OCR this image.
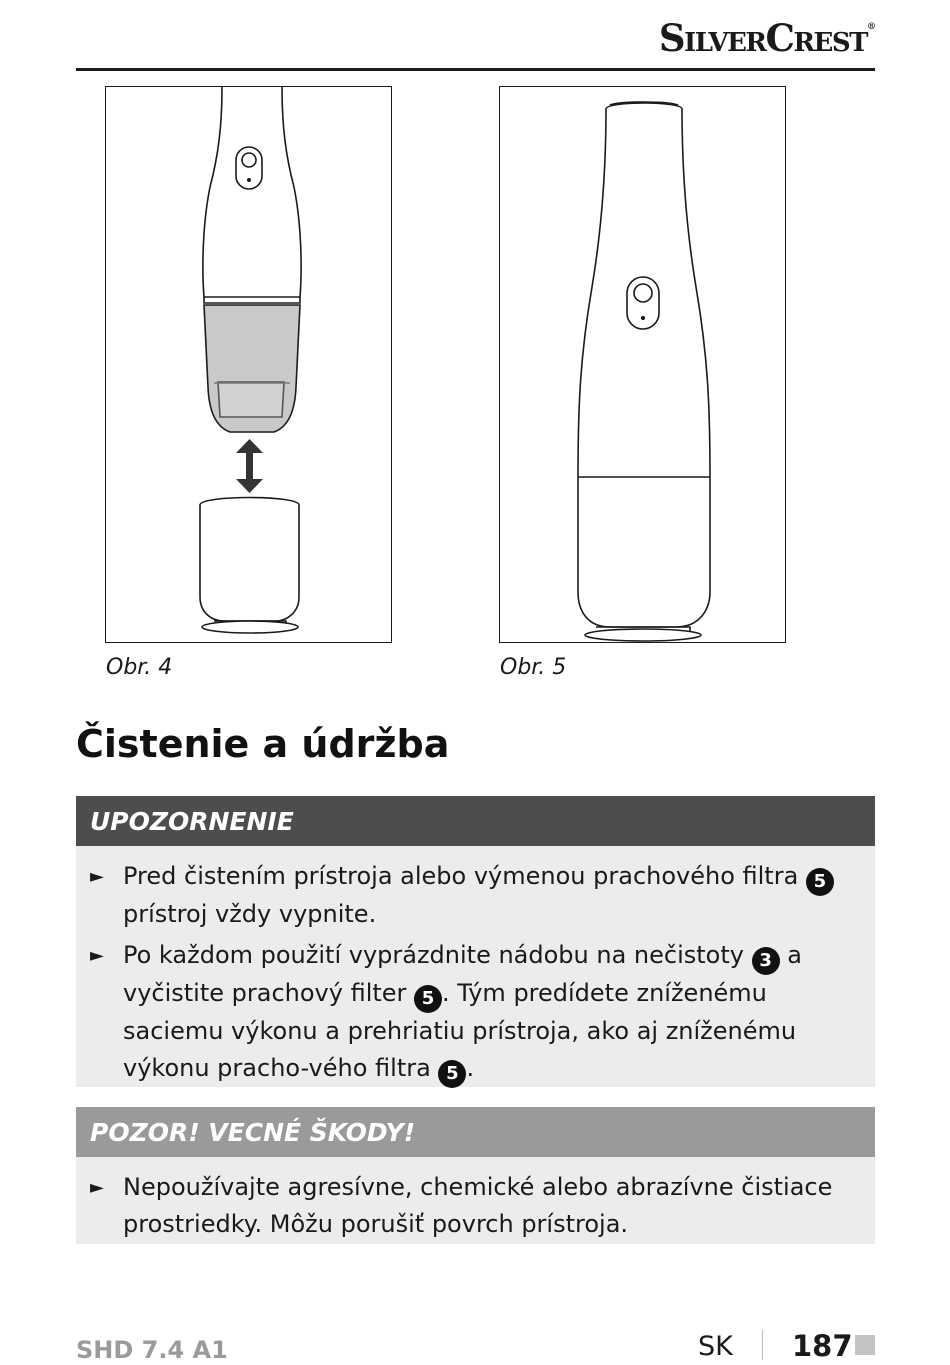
SilverCrest®
Obr. 4	Obr. 5
Čistenie a údržba
UPOZORNENIE
► Pred čistením prístroja alebo výmenou prachového filtra 5 prístroj vždy vypnite.
► Po každom použití vyprázdnite nádobu na nečistoty 3 a vyčistite prachový filter 5 . Tým predídete zníženému saciemu výkonu a prehriatiu prístroja, ako aj zníženému výkonu pracho-vého filtra 5 .
POZOR! VECNÉ ŠKODY!
► Nepoužívajte agresívne, chemické alebo abrazívne čistiace prostriedky. Môžu porušiť povrch prístroja.
SHD 7.4 A1	SK 187
